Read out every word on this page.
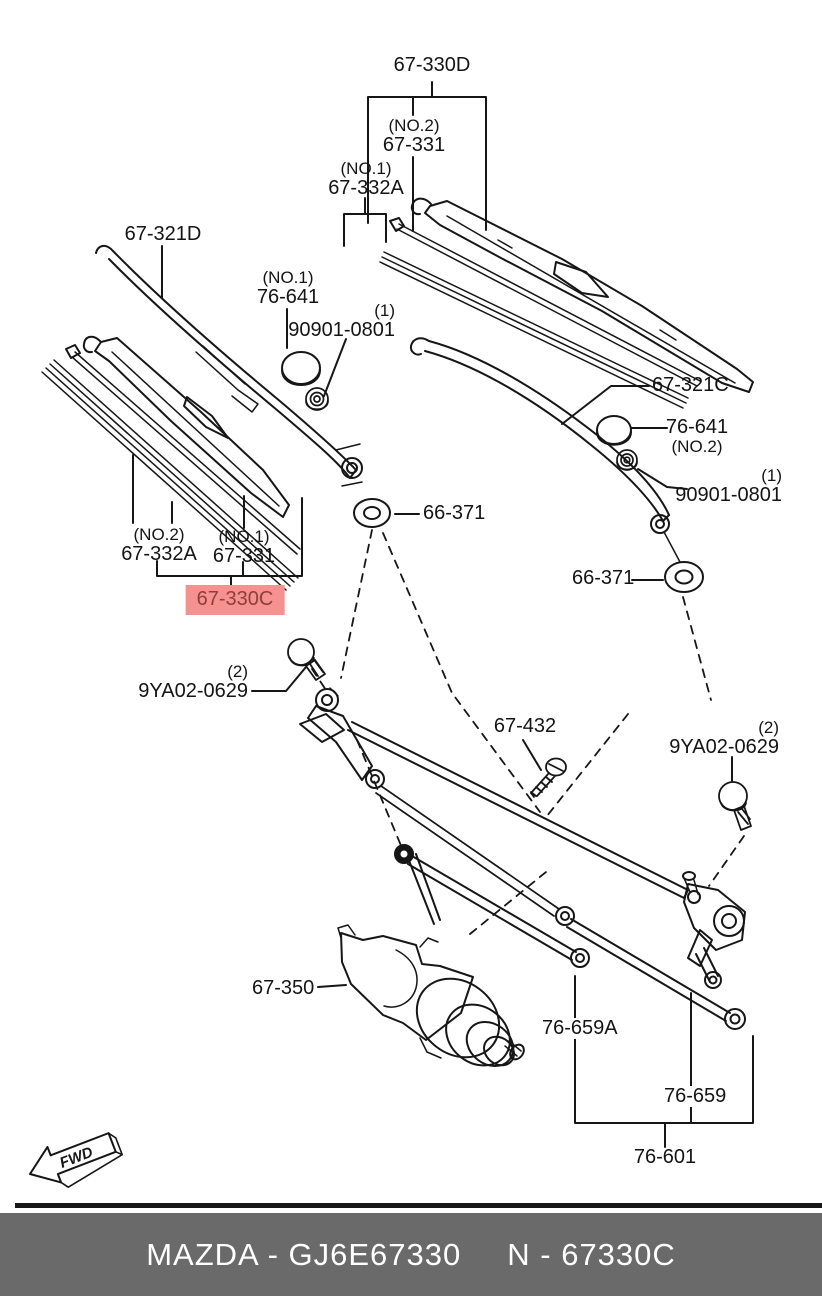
FWD
67-330D
(NO.2)
67-331
(NO.1)
67-332A
67-321D
(NO.1)
76-641
(1)
90901-0801
67-321C
76-641
(NO.2)
(1)
90901-0801
66-371
66-371
(NO.2)
67-332A
(NO.1)
67-331
67-330C
(2)
9YA02-0629
67-432	(2)
9YA02-0629
67-350
76-659A
76-659
76-601
MAZDA - GJ6E67330 N - 67330C
